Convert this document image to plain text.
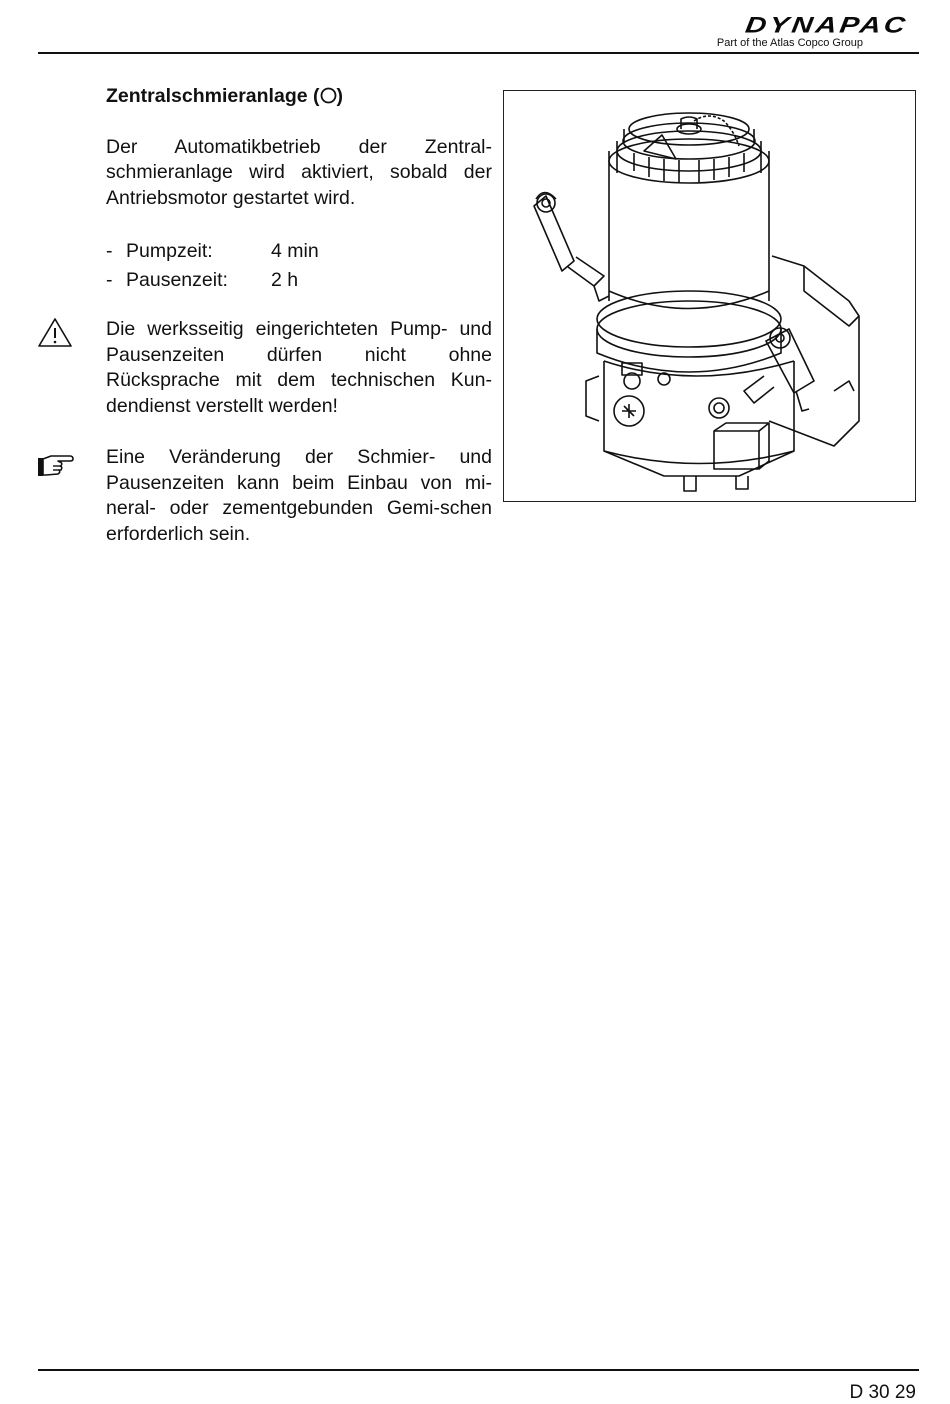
DYNAPAC
Part of the Atlas Copco Group
Zentralschmieranlage ( )

Der Automatikbetrieb der Zentral-schmieranlage wird aktiviert, sobald der Antriebsmotor gestartet wird.

- Pumpzeit:	4 min
- Pausenzeit:	2 h

Die werksseitig eingerichteten Pump- und Pausenzeiten dürfen nicht ohne Rücksprache mit dem technischen Kun-dendienst verstellt werden!

Eine Veränderung der Schmier- und Pausenzeiten kann beim Einbau von mi-neral- oder zementgebunden Gemi-schen erforderlich sein.

D 30 29
